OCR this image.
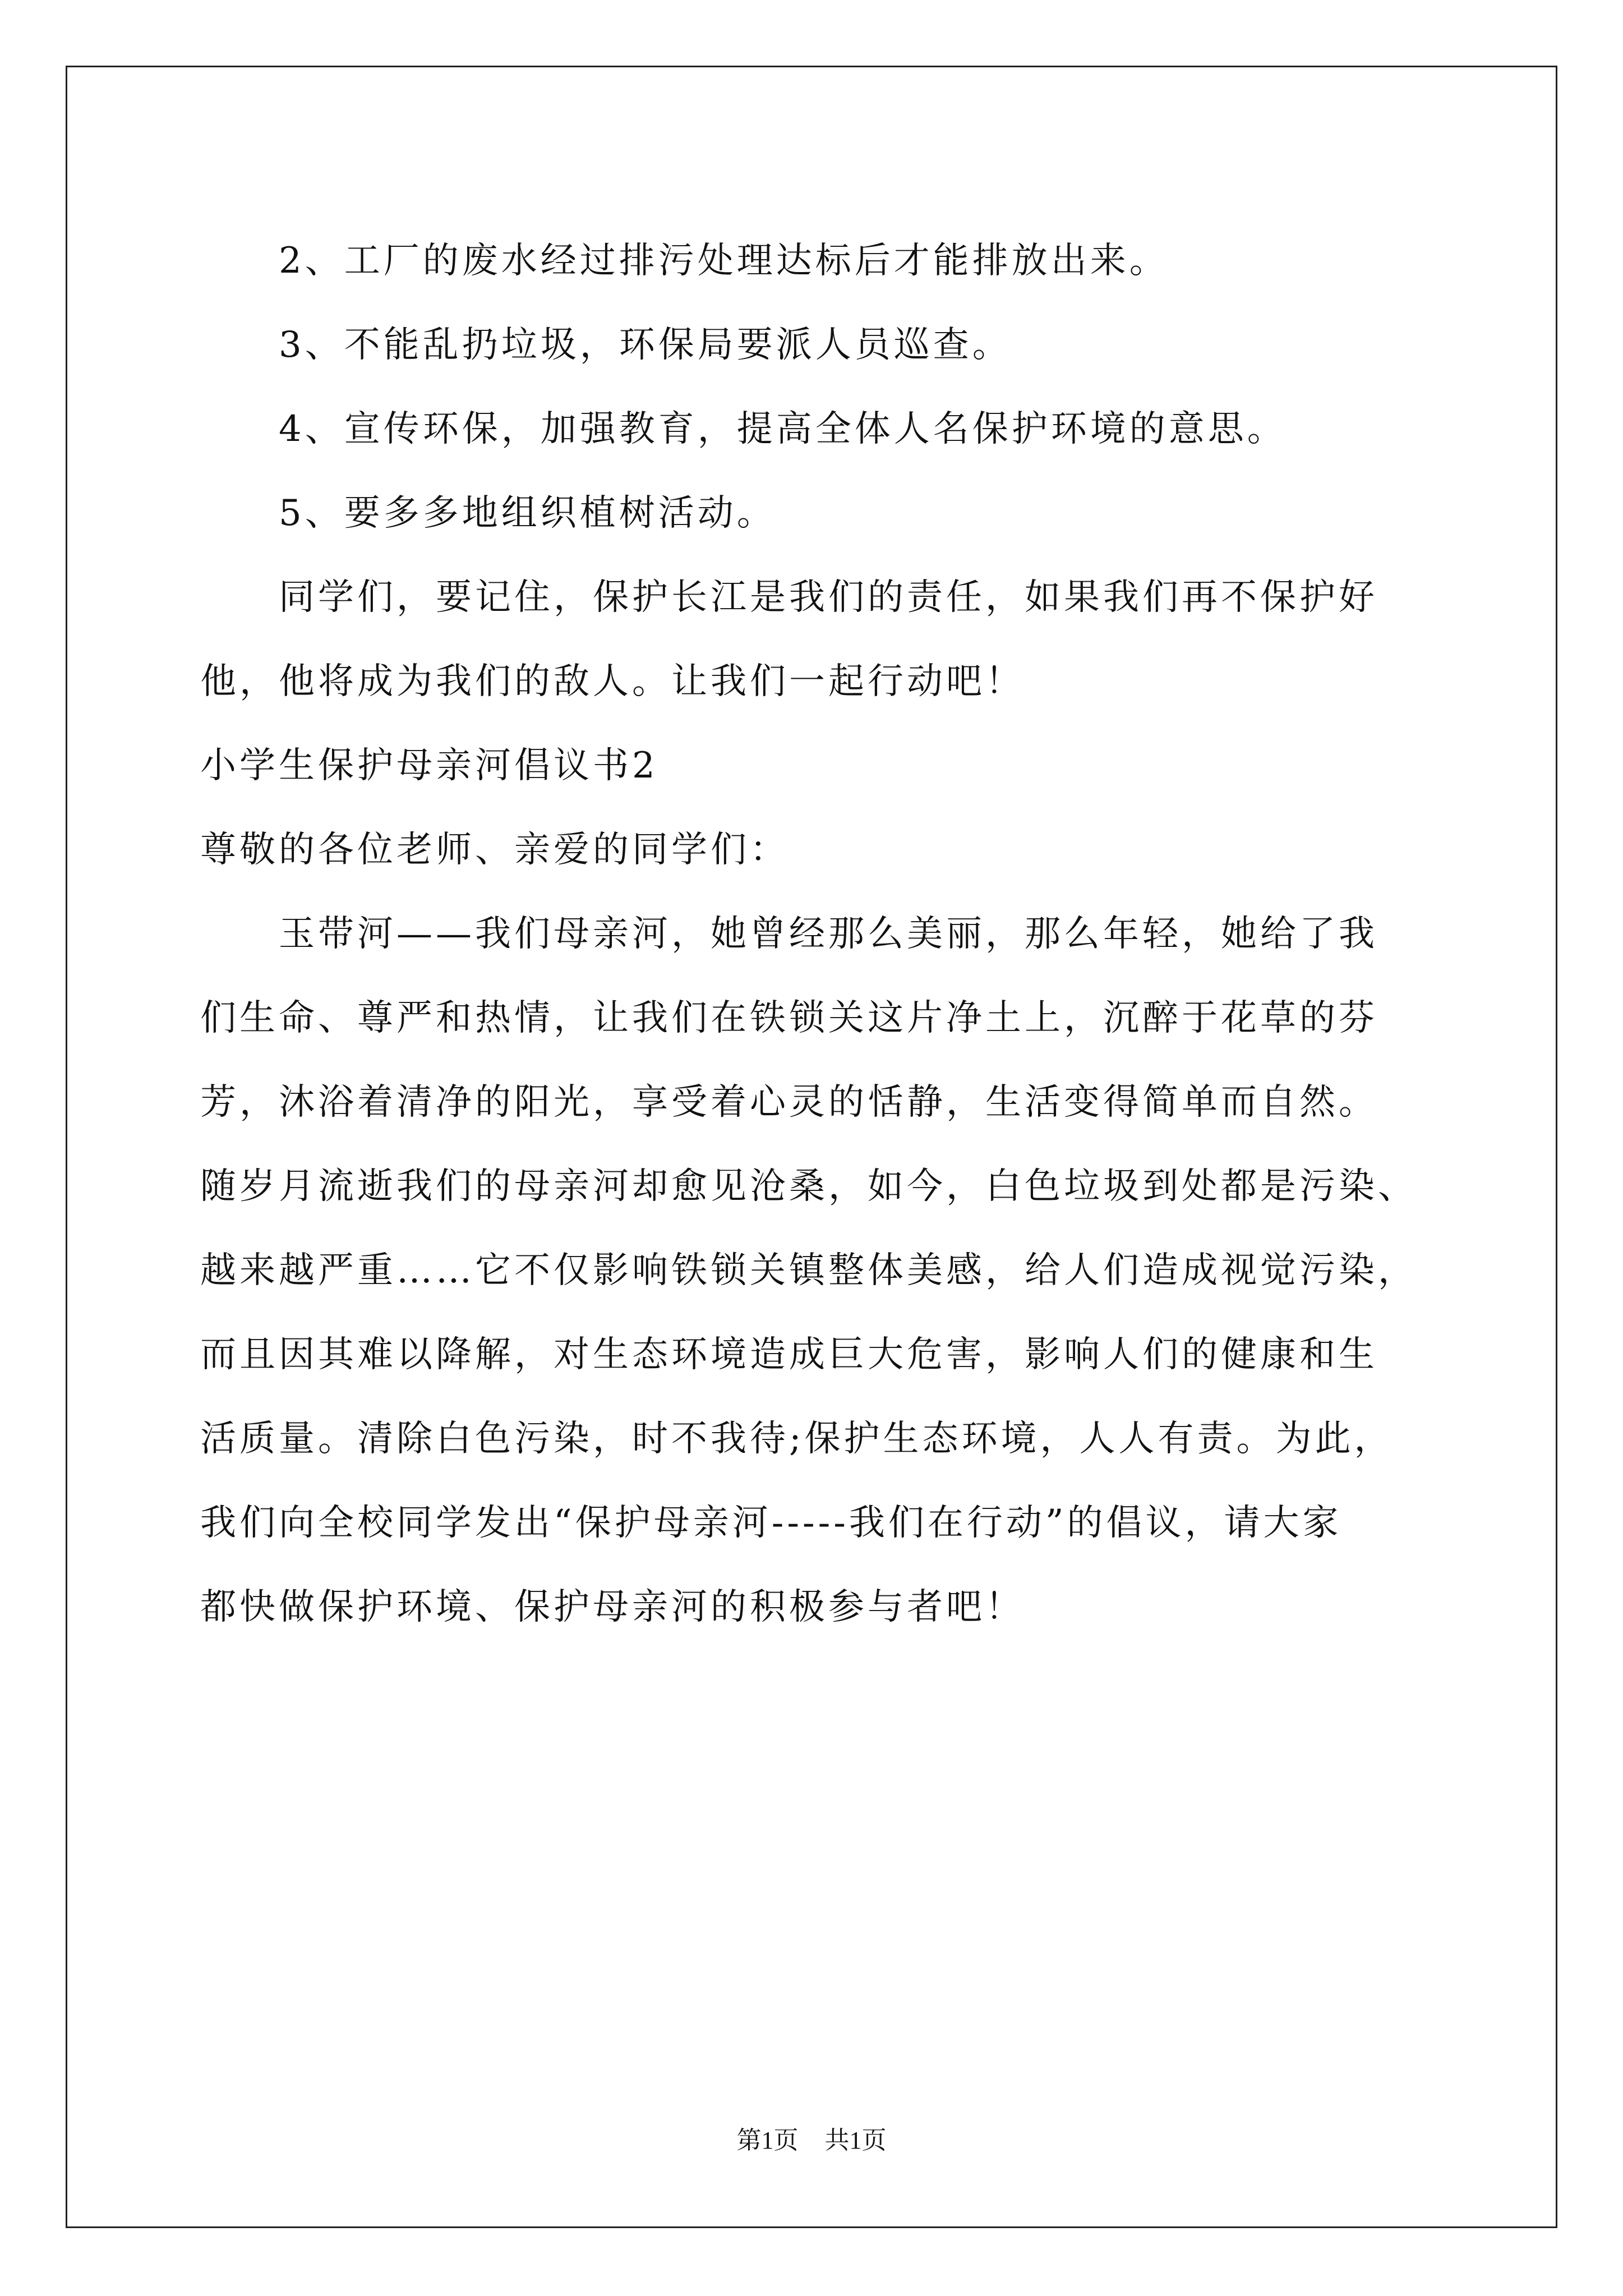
2、工厂的废水经过排污处理达标后才能排放出来。
3、不能乱扔垃圾，环保局要派人员巡查。
4、宣传环保，加强教育，提高全体人名保护环境的意思。
5、要多多地组织植树活动。
同学们，要记住，保护长江是我们的责任，如果我们再不保护好
他，他将成为我们的敌人。让我们一起行动吧！
小学生保护母亲河倡议书2
尊敬的各位老师、亲爱的同学们：
玉带河——我们母亲河，她曾经那么美丽，那么年轻，她给了我
们生命、尊严和热情，让我们在铁锁关这片净土上，沉醉于花草的芬
芳，沐浴着清净的阳光，享受着心灵的恬静，生活变得简单而自然。
随岁月流逝我们的母亲河却愈见沧桑，如今，白色垃圾到处都是污染、
越来越严重……它不仅影响铁锁关镇整体美感，给人们造成视觉污染，
而且因其难以降解，对生态环境造成巨大危害，影响人们的健康和生
活质量。清除白色污染，时不我待;保护生态环境，人人有责。为此，
我们向全校同学发出“保护母亲河-----我们在行动”的倡议，请大家
都快做保护环境、保护母亲河的积极参与者吧！
第1页 共1页
